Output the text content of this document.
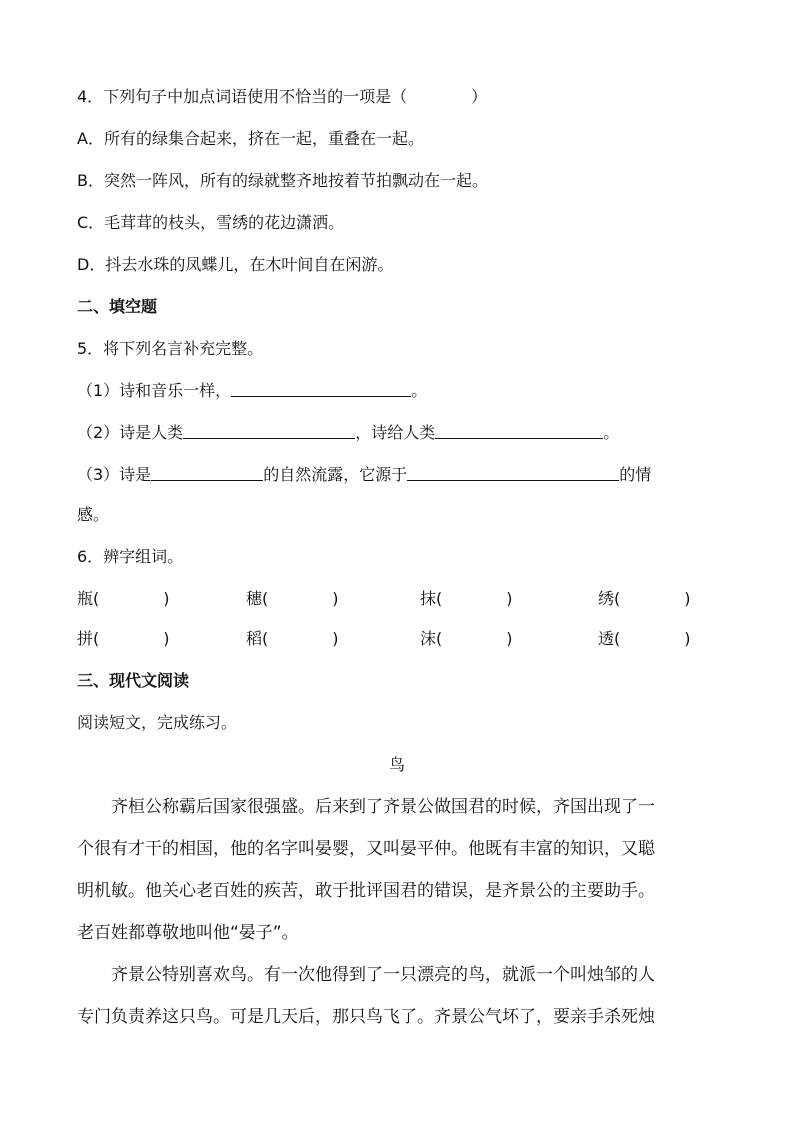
4．下列句子中加点词语使用不恰当的一项是（　　　　）
A．所有的绿集合起来，挤在一起，重叠在一起。
B．突然一阵风，所有的绿就整齐地按着节拍飘动在一起。
C．毛茸茸的枝头，雪绣的花边潇洒。
D．抖去水珠的凤蝶儿，在木叶间自在闲游。
二、填空题
5．将下列名言补充完整。
（1）诗和音乐一样，	。
（2）诗是人类	，诗给人类	。
（3）诗是	的自然流露，它源于	的情
感。
6．辨字组词。
瓶(　　　　)	穗(　　　　)	抹(　　　　)	绣(　　　　)
拼(　　　　)	稻(　　　　)	沫(　　　　)	透(　　　　)
三、现代文阅读
阅读短文，完成练习。
鸟
　　齐桓公称霸后国家很强盛。后来到了齐景公做国君的时候，齐国出现了一
个很有才干的相国，他的名字叫晏婴，又叫晏平仲。他既有丰富的知识，又聪
明机敏。他关心老百姓的疾苦，敢于批评国君的错误，是齐景公的主要助手。
老百姓都尊敬地叫他“晏子”。
　　齐景公特别喜欢鸟。有一次他得到了一只漂亮的鸟，就派一个叫烛邹的人
专门负责养这只鸟。可是几天后，那只鸟飞了。齐景公气坏了，要亲手杀死烛
